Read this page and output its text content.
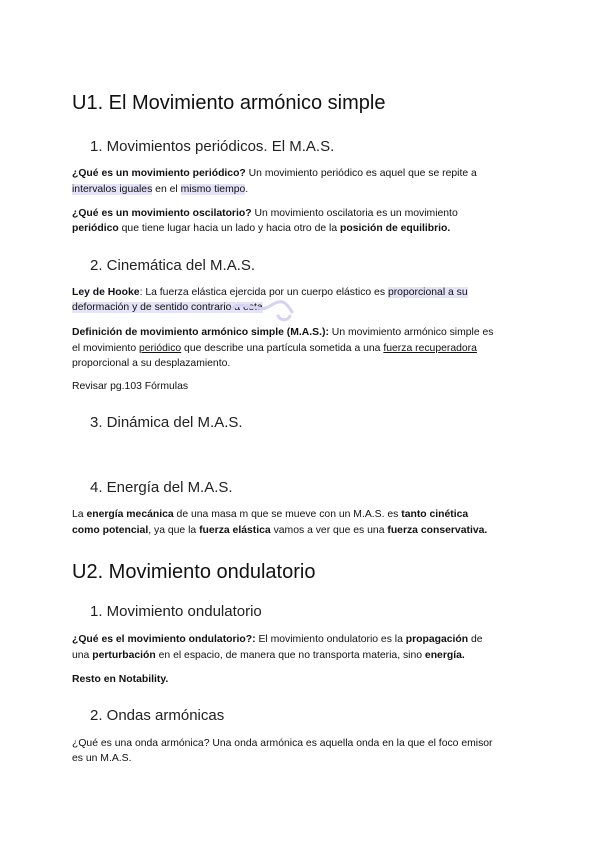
U1. El Movimiento armónico simple
1. Movimientos periódicos. El M.A.S.
¿Qué es un movimiento periódico? Un movimiento periódico es aquel que se repite a
intervalos iguales en el mismo tiempo.
¿Qué es un movimiento oscilatorio? Un movimiento oscilatoria es un movimiento
periódico que tiene lugar hacia un lado y hacia otro de la posición de equilibrio.
2. Cinemática del M.A.S.
Ley de Hooke: La fuerza elástica ejercida por un cuerpo elástico es proporcional a su
deformación y de sentido contrario a esta.
Definición de movimiento armónico simple (M.A.S.): Un movimiento armónico simple es
el movimiento periódico que describe una partícula sometida a una fuerza recuperadora
proporcional a su desplazamiento.
Revisar pg.103 Fórmulas
3. Dinámica del M.A.S.
4. Energía del M.A.S.
La energía mecánica de una masa m que se mueve con un M.A.S. es tanto cinética
como potencial, ya que la fuerza elástica vamos a ver que es una fuerza conservativa.
U2. Movimiento ondulatorio
1. Movimiento ondulatorio
¿Qué es el movimiento ondulatorio?: El movimiento ondulatorio es la propagación de
una perturbación en el espacio, de manera que no transporta materia, sino energía.
Resto en Notability.
2. Ondas armónicas
¿Qué es una onda armónica? Una onda armónica es aquella onda en la que el foco emisor
es un M.A.S.
